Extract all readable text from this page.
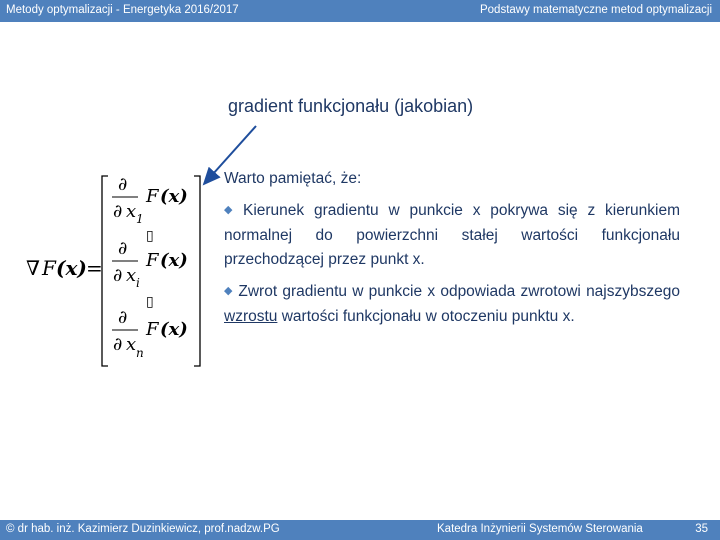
Metody optymalizacji - Energetyka 2016/2017	Podstawy matematyczne metod optymalizacji
gradient funkcjonału (jakobian)
∇ F (x) =
∂
∂ x 1
F (x)
▯
∂
∂ x i
F (x)
▯
∂
∂ x n
F (x)

Warto pamiętać, że:

◆ Kierunek gradientu w punkcie x pokrywa się z kierunkiem normalnej do powierzchni stałej wartości funkcjonału przechodzącej przez punkt x.

◆ Zwrot gradientu w punkcie x odpowiada zwrotowi najszybszego wzrostu wartości funkcjonału w otoczeniu punktu x.

© dr hab. inż. Kazimierz Duzinkiewicz, prof.nadzw.PG	Katedra Inżynierii Systemów Sterowania	35
